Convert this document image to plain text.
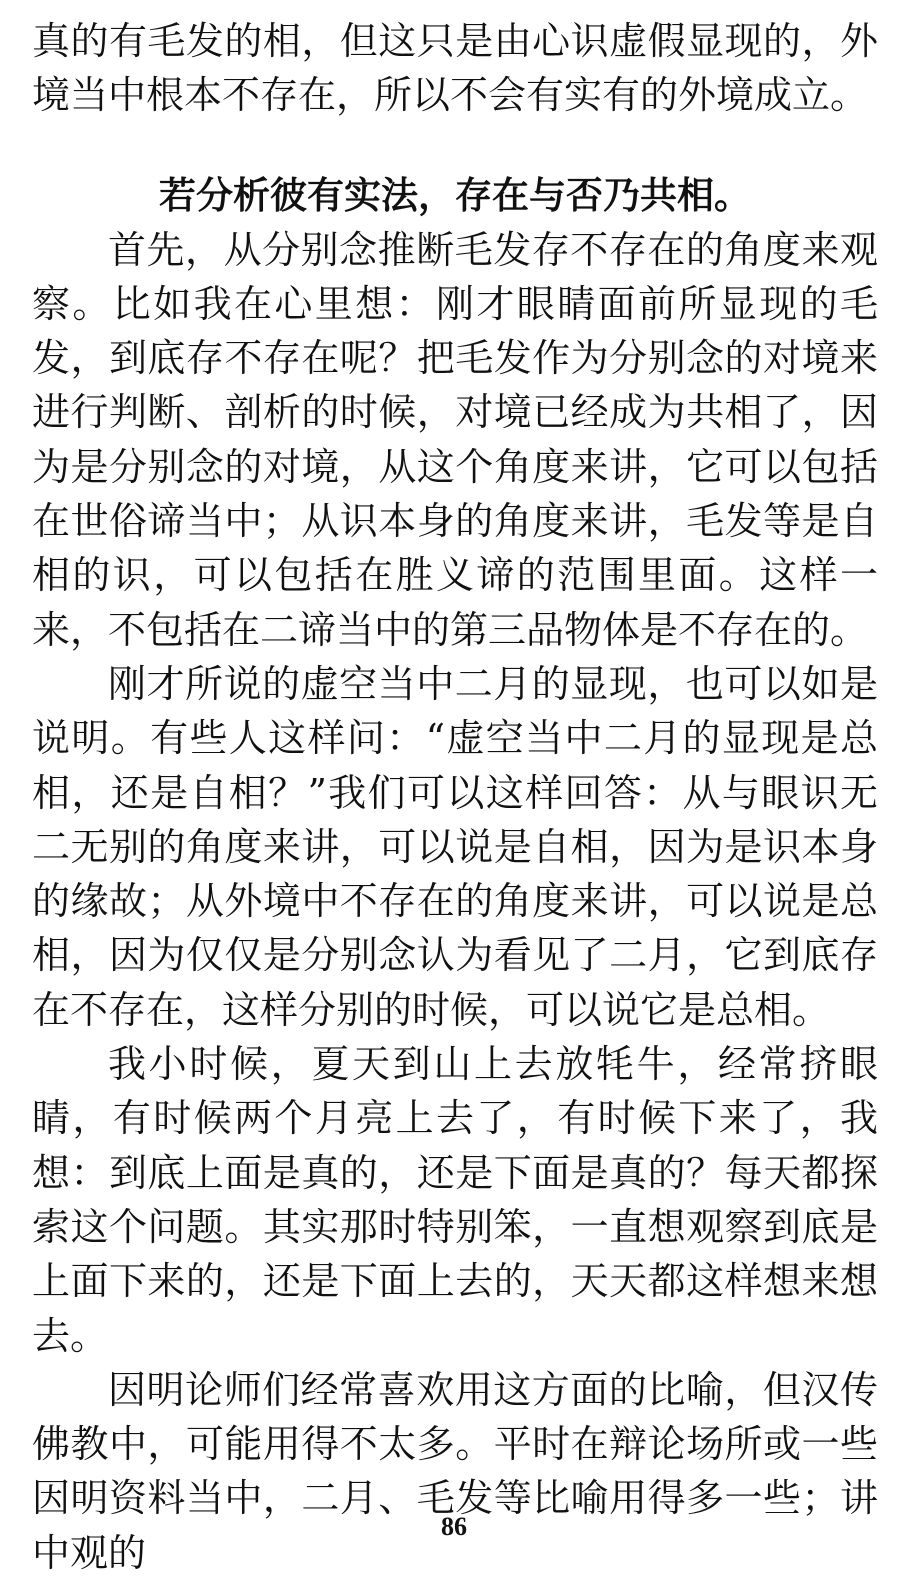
真的有毛发的相，但这只是由心识虚假显现的，外境当中根本不存在，所以不会有实有的外境成立。

若分析彼有实法，存在与否乃共相。

首先，从分别念推断毛发存不存在的角度来观察。比如我在心里想：刚才眼睛面前所显现的毛发，到底存不存在呢？把毛发作为分别念的对境来进行判断、剖析的时候，对境已经成为共相了，因为是分别念的对境，从这个角度来讲，它可以包括在世俗谛当中；从识本身的角度来讲，毛发等是自相的识，可以包括在胜义谛的范围里面。这样一来，不包括在二谛当中的第三品物体是不存在的。

刚才所说的虚空当中二月的显现，也可以如是说明。有些人这样问：“虚空当中二月的显现是总相，还是自相？”我们可以这样回答：从与眼识无二无别的角度来讲，可以说是自相，因为是识本身的缘故；从外境中不存在的角度来讲，可以说是总相，因为仅仅是分别念认为看见了二月，它到底存在不存在，这样分别的时候，可以说它是总相。

我小时候，夏天到山上去放牦牛，经常挤眼睛，有时候两个月亮上去了，有时候下来了，我想：到底上面是真的，还是下面是真的？每天都探索这个问题。其实那时特别笨，一直想观察到底是上面下来的，还是下面上去的，天天都这样想来想去。

因明论师们经常喜欢用这方面的比喻，但汉传佛教中，可能用得不太多。平时在辩论场所或一些因明资料当中，二月、毛发等比喻用得多一些；讲中观的

86
